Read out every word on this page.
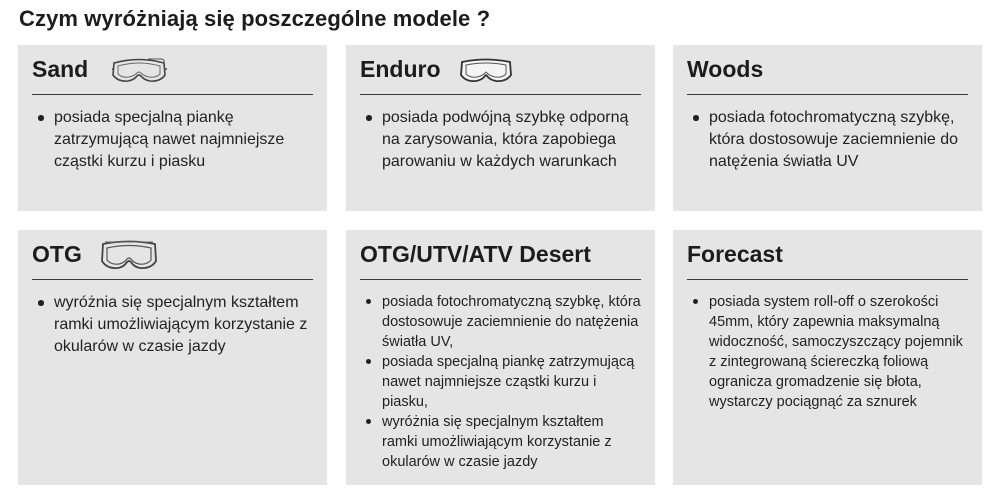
Czym wyróżniają się poszczególne modele ?
Sand
posiada specjalną piankę zatrzymującą nawet najmniejsze cząstki kurzu i piasku
Enduro
posiada podwójną szybkę odporną na zarysowania, która zapobiega parowaniu w każdych warunkach
Woods
posiada fotochromatyczną szybkę, która dostosowuje zaciemnienie do natężenia światła UV
OTG
wyróżnia się specjalnym kształtem ramki umożliwiającym korzystanie z okularów w czasie jazdy
OTG/UTV/ATV Desert
posiada fotochromatyczną szybkę, która dostosowuje zaciemnienie do natężenia światła UV,
posiada specjalną piankę zatrzymującą nawet najmniejsze cząstki kurzu i piasku,
wyróżnia się specjalnym kształtem ramki umożliwiającym korzystanie z okularów w czasie jazdy
Forecast
posiada system roll-off o szerokości 45mm, który zapewnia maksymalną widoczność, samoczyszczący pojemnik z zintegrowaną ściereczką foliową ogranicza gromadzenie się błota, wystarczy pociągnąć za sznurek
